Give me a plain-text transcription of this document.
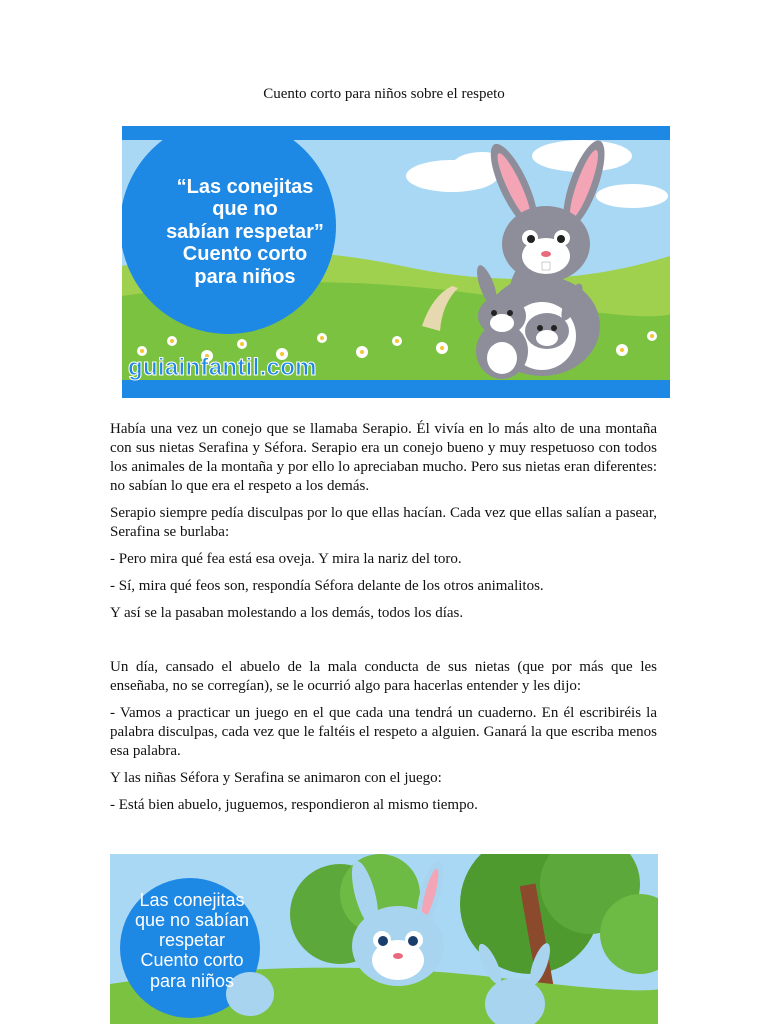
Cuento corto para niños sobre el respeto
“Las conejitas
que no
sabían respetar”
Cuento corto
para niños
guiainfantil.com

Había una vez un conejo que se llamaba Serapio. Él vivía en lo más alto de una montaña con sus nietas Serafina y Séfora. Serapio era un conejo bueno y muy respetuoso con todos los animales de la montaña y por ello lo apreciaban mucho. Pero sus nietas eran diferentes: no sabían lo que era el respeto a los demás.

Serapio siempre pedía disculpas por lo que ellas hacían. Cada vez que ellas salían a pasear, Serafina se burlaba:

- Pero mira qué fea está esa oveja. Y mira la nariz del toro.

- Sí, mira qué feos son, respondía Séfora delante de los otros animalitos.

Y así se la pasaban molestando a los demás, todos los días.

Un día, cansado el abuelo de la mala conducta de sus nietas (que por más que les enseñaba, no se corregían), se le ocurrió algo para hacerlas entender y les dijo:

- Vamos a practicar un juego en el que cada una tendrá un cuaderno. En él escribiréis la palabra disculpas, cada vez que le faltéis el respeto a alguien. Ganará la que escriba menos esa palabra.

Y las niñas Séfora y Serafina se animaron con el juego:

- Está bien abuelo, juguemos, respondieron al mismo tiempo.

Las conejitas
que no sabían
respetar
Cuento corto
para niños
